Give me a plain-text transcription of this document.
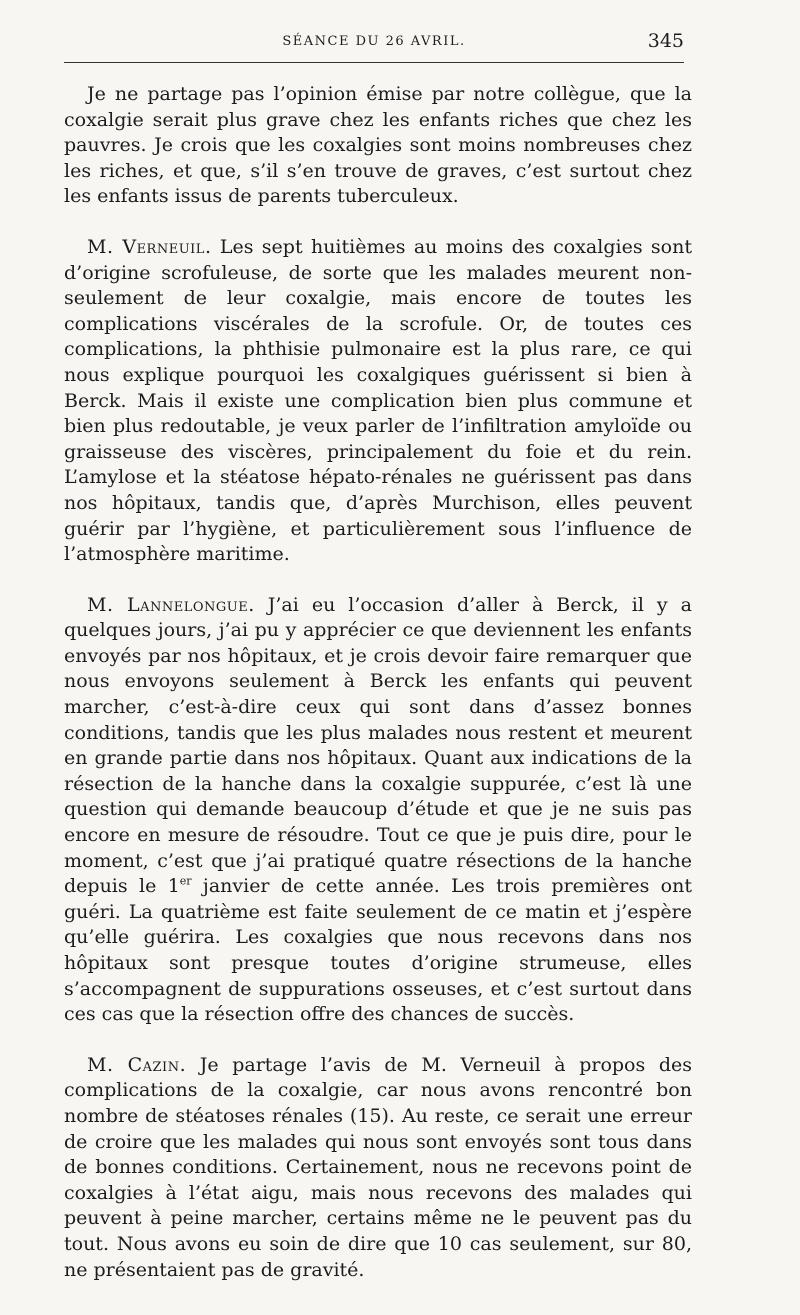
SÉANCE DU 26 AVRIL.	345

Je ne partage pas l’opinion émise par notre collègue, que la coxalgie serait plus grave chez les enfants riches que chez les pauvres. Je crois que les coxalgies sont moins nombreuses chez les riches, et que, s’il s’en trouve de graves, c’est surtout chez les enfants issus de parents tuberculeux.

M. Verneuil. Les sept huitièmes au moins des coxalgies sont d’origine scrofuleuse, de sorte que les malades meurent non-seulement de leur coxalgie, mais encore de toutes les complications viscérales de la scrofule. Or, de toutes ces complications, la phthisie pulmonaire est la plus rare, ce qui nous explique pourquoi les coxalgiques guérissent si bien à Berck. Mais il existe une complication bien plus commune et bien plus redoutable, je veux parler de l’infiltration amyloïde ou graisseuse des viscères, principalement du foie et du rein. L’amylose et la stéatose hépato-rénales ne guérissent pas dans nos hôpitaux, tandis que, d’après Murchison, elles peuvent guérir par l’hygiène, et particulièrement sous l’influence de l’atmosphère maritime.

M. Lannelongue. J’ai eu l’occasion d’aller à Berck, il y a quelques jours, j’ai pu y apprécier ce que deviennent les enfants envoyés par nos hôpitaux, et je crois devoir faire remarquer que nous envoyons seulement à Berck les enfants qui peuvent marcher, c’est-à-dire ceux qui sont dans d’assez bonnes conditions, tandis que les plus malades nous restent et meurent en grande partie dans nos hôpitaux. Quant aux indications de la résection de la hanche dans la coxalgie suppurée, c’est là une question qui demande beaucoup d’étude et que je ne suis pas encore en mesure de résoudre. Tout ce que je puis dire, pour le moment, c’est que j’ai pratiqué quatre résections de la hanche depuis le 1er janvier de cette année. Les trois premières ont guéri. La quatrième est faite seulement de ce matin et j’espère qu’elle guérira. Les coxalgies que nous recevons dans nos hôpitaux sont presque toutes d’origine strumeuse, elles s’accompagnent de suppurations osseuses, et c’est surtout dans ces cas que la résection offre des chances de succès.

M. Cazin. Je partage l’avis de M. Verneuil à propos des complications de la coxalgie, car nous avons rencontré bon nombre de stéatoses rénales (15). Au reste, ce serait une erreur de croire que les malades qui nous sont envoyés sont tous dans de bonnes conditions. Certainement, nous ne recevons point de coxalgies à l’état aigu, mais nous recevons des malades qui peuvent à peine marcher, certains même ne le peuvent pas du tout. Nous avons eu soin de dire que 10 cas seulement, sur 80, ne présentaient pas de gravité.
